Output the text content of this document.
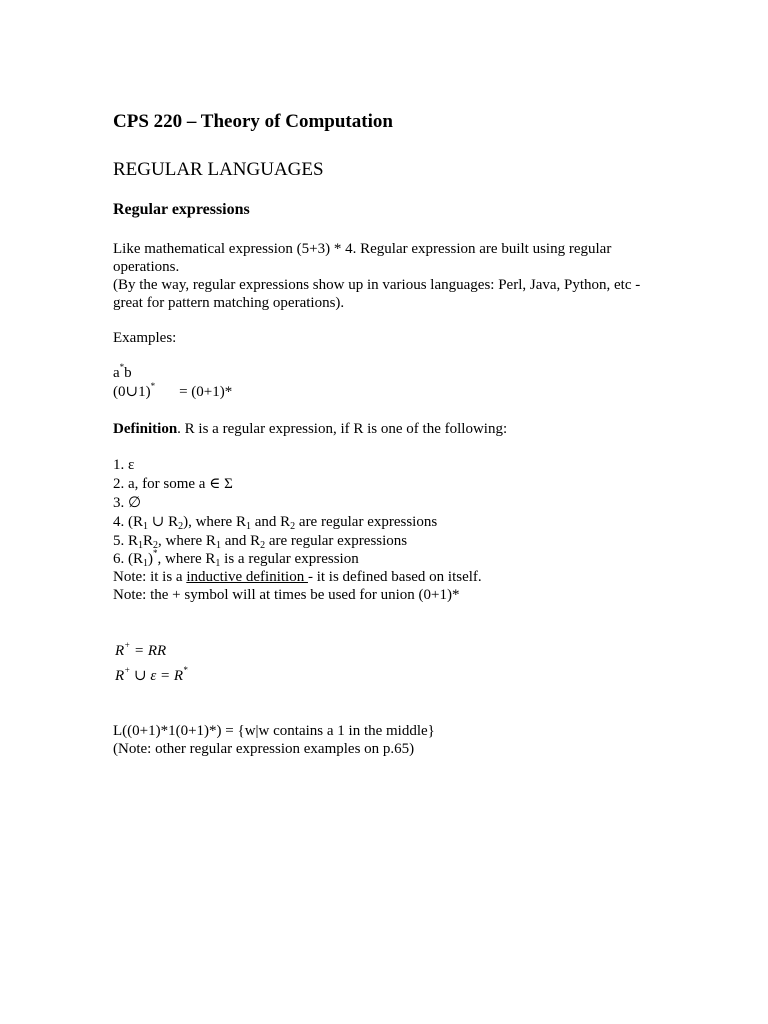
CPS 220 – Theory of Computation
REGULAR LANGUAGES
Regular expressions
Like mathematical expression (5+3) * 4. Regular expression are built using regular
operations.
(By the way, regular expressions show up in various languages: Perl, Java, Python, etc -
great for pattern matching operations).
Examples:
a*b
(0∪1)* = (0+1)*
Definition. R is a regular expression, if R is one of the following:
1. ε
2. a, for some a ∈ Σ
3. ∅
4. ($R_1$ ∪ $R_2$), where $R_1$ and $R_2$ are regular expressions
5. $R_1R_2$, where $R_1$ and $R_2$ are regular expressions
6. $(R_1)^*$, where $R_1$ is a regular expression
Note: it is a inductive definition - it is defined based on itself.
Note: the + symbol will at times be used for union (0+1)*
R+ = RR
R+ ∪ ε = R*
L((0+1)*1(0+1)*) = {w|w contains a 1 in the middle}
(Note: other regular expression examples on p.65)
